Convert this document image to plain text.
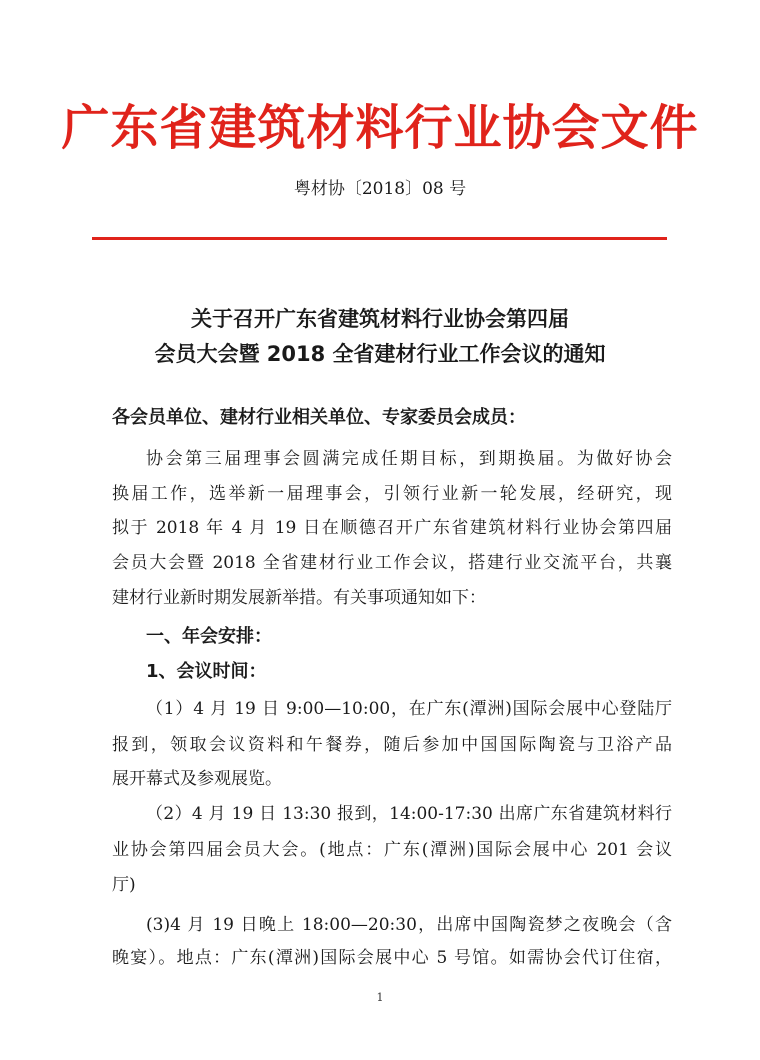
广东省建筑材料行业协会文件
粤材协〔2018〕08 号
关于召开广东省建筑材料行业协会第四届
会员大会暨 2018 全省建材行业工作会议的通知
各会员单位、建材行业相关单位、专家委员会成员：
协会第三届理事会圆满完成任期目标，到期换届。为做好协会
换届工作，选举新一届理事会，引领行业新一轮发展，经研究，现
拟于 2018 年 4 月 19 日在顺德召开广东省建筑材料行业协会第四届
会员大会暨 2018 全省建材行业工作会议，搭建行业交流平台，共襄
建材行业新时期发展新举措。有关事项通知如下：
一、年会安排：
1、会议时间：
（1）4 月 19 日 9:00—10:00，在广东(潭洲)国际会展中心登陆厅
报到，领取会议资料和午餐券，随后参加中国国际陶瓷与卫浴产品
展开幕式及参观展览。
（2）4 月 19 日 13:30 报到，14:00-17:30 出席广东省建筑材料行
业协会第四届会员大会。(地点：广东(潭洲)国际会展中心 201 会议
厅)
(3)4 月 19 日晚上 18:00—20:30，出席中国陶瓷梦之夜晚会（含
晚宴）。地点：广东(潭洲)国际会展中心 5 号馆。如需协会代订住宿，
1
